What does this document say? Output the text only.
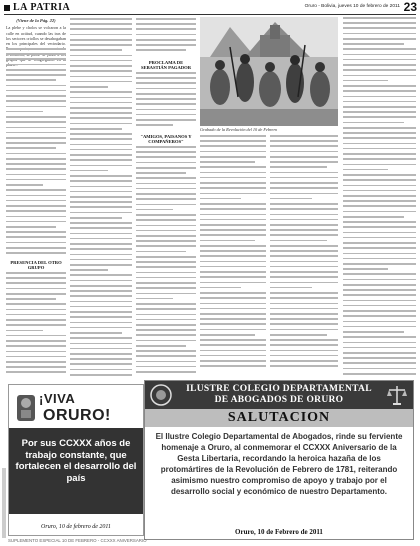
LA PATRIA	Oruro - Bolivia, jueves 10 de febrero de 2011 23

(Viene de la Pág. 22)

La plebe y cholos se volcaron a la calle en actitud, cuando las iras de los sectores criollos se desahogaban en los principales del vecindario.

PRESENCIA DEL OTRO GRUPO
PROCLAMA DE SEBASTIÁN PAGADOR
"AMIGOS, PAISANOS Y COMPAÑEROS"
Grabado de la Revolución del 10 de Febrero
¡VIVA
ORURO!
Por sus CCXXX años de trabajo constante, que fortalecen el desarrollo del país
Oruro, 10 de febrero de 2011
ILUSTRE COLEGIO DEPARTAMENTAL
DE ABOGADOS DE ORURO
SALUTACION
El Ilustre Colegio Departamental de Abogados, rinde su ferviente homenaje a Oruro, al conmemorar el CCXXX Aniversario de la Gesta Libertaria, recordando la heroica hazaña de los protomártires de la Revolución de Febrero de 1781, reiterando asimismo nuestro compromiso de apoyo y trabajo por el desarrollo social y económico de nuestro Departamento.
Oruro, 10 de Febrero de 2011
SUPLEMENTO ESPECIAL 10 DE FEBRERO - CCXXX ANIVERSARIO
